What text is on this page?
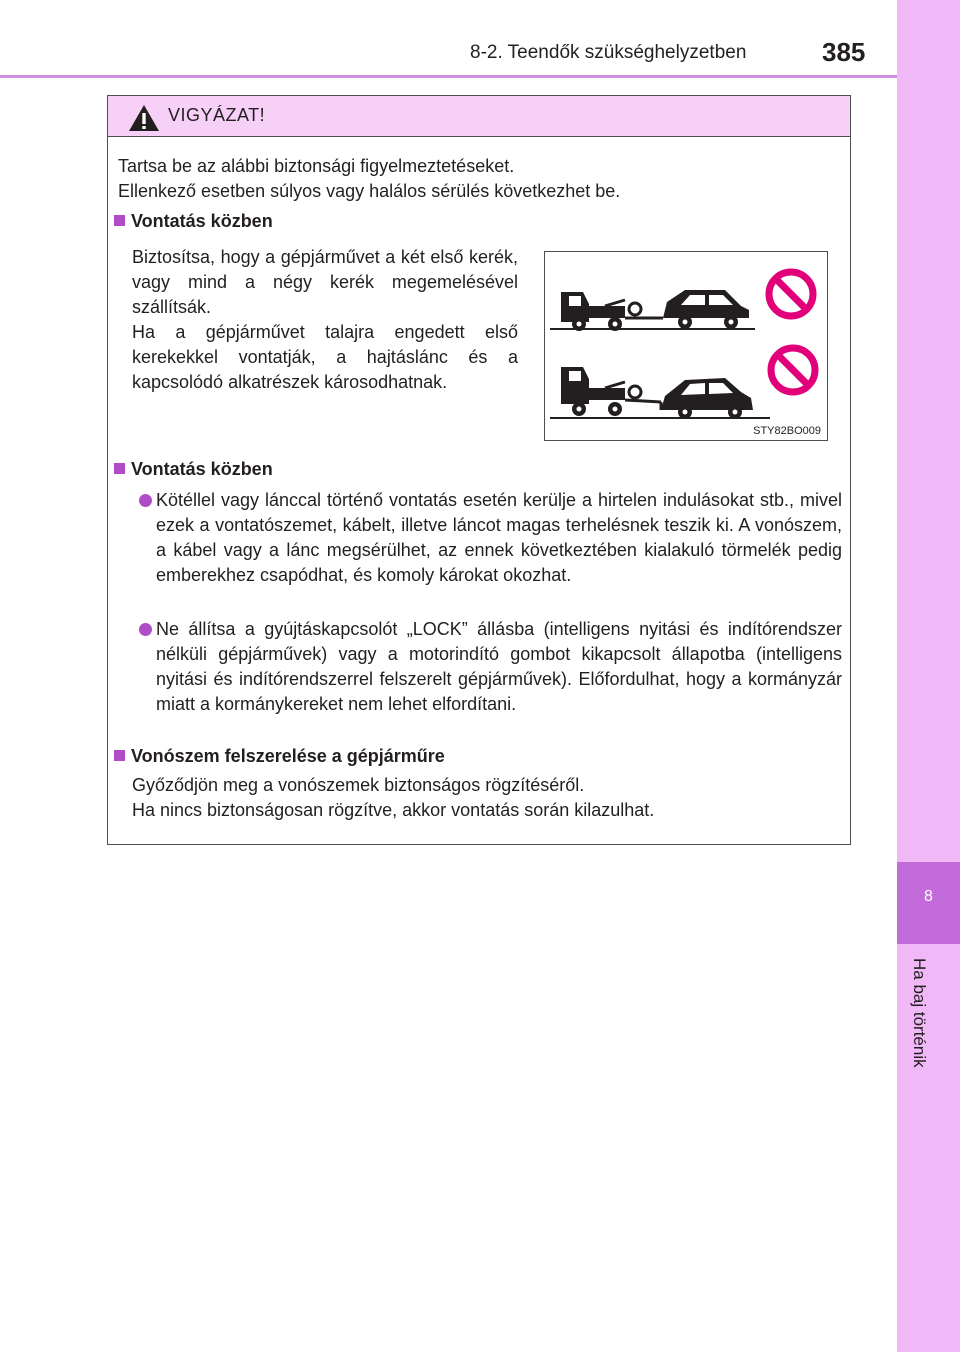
8-2. Teendők szükséghelyzetben	385
8
Ha baj történik
VIGYÁZAT!
Tartsa be az alábbi biztonsági figyelmeztetéseket.
Ellenkező esetben súlyos vagy halálos sérülés következhet be.
Vontatás közben
Biztosítsa, hogy a gépjárművet a két első kerék, vagy mind a négy kerék megemelésével szállítsák.
Ha a gépjárművet talajra engedett első kerekekkel vontatják, a hajtáslánc és a kapcsolódó alkatrészek károsodhatnak.
STY82BO009
Vontatás közben
Kötéllel vagy lánccal történő vontatás esetén kerülje a hirtelen indulásokat stb., mivel ezek a vontatószemet, kábelt, illetve láncot magas terhelésnek teszik ki. A vonószem, a kábel vagy a lánc megsérülhet, az ennek következtében kialakuló törmelék pedig emberekhez csapódhat, és komoly károkat okozhat.
Ne állítsa a gyújtáskapcsolót „LOCK” állásba (intelligens nyitási és indítórendszer nélküli gépjárművek) vagy a motorindító gombot kikapcsolt állapotba (intelligens nyitási és indítórendszerrel felszerelt gépjárművek). Előfordulhat, hogy a kormányzár miatt a kormánykereket nem lehet elfordítani.
Vonószem felszerelése a gépjárműre
Győződjön meg a vonószemek biztonságos rögzítéséről.
Ha nincs biztonságosan rögzítve, akkor vontatás során kilazulhat.
